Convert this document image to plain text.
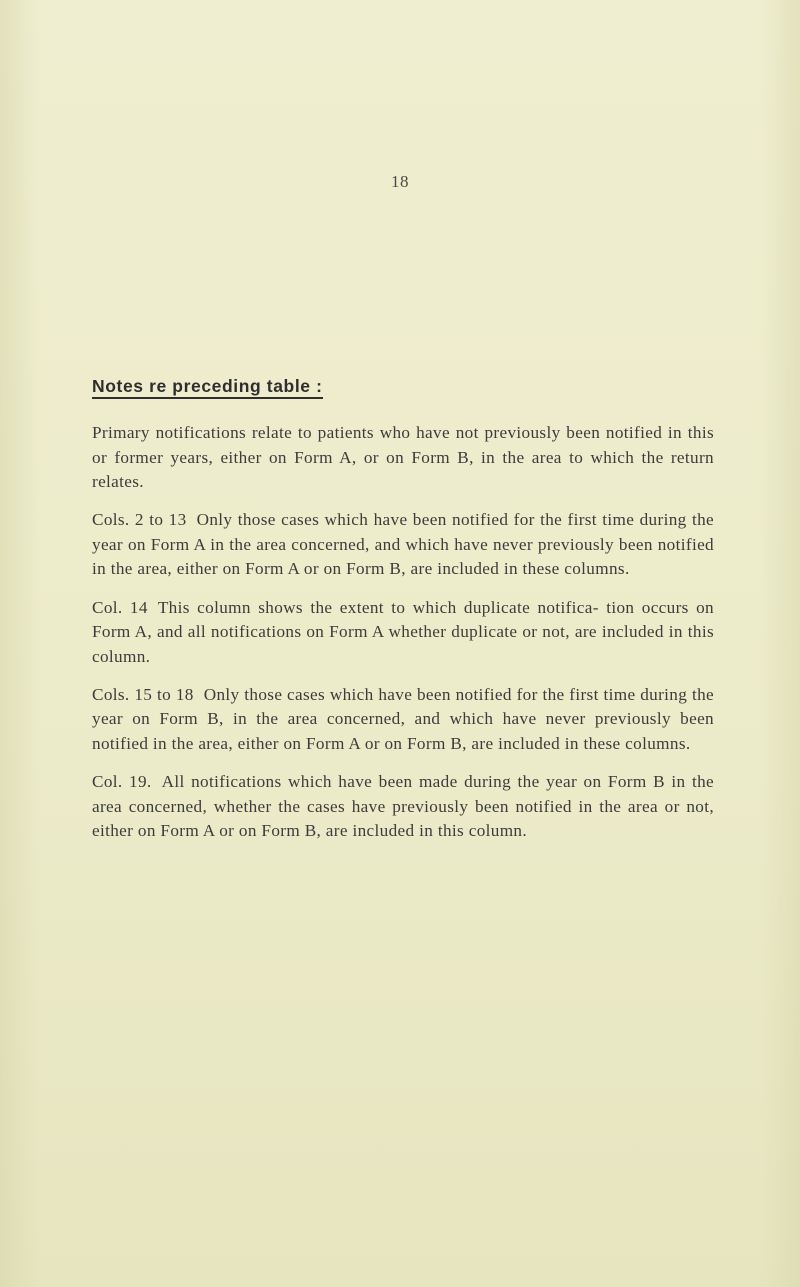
18
Notes re preceding table :

Primary notifications relate to patients who have not previously been notified in this or former years, either on Form A, or on Form B, in the area to which the return relates.

Cols. 2 to 13 Only those cases which have been notified for the first time during the year on Form A in the area concerned, and which have never previously been notified in the area, either on Form A or on Form B, are included in these columns.

Col. 14 This column shows the extent to which duplicate notifica- tion occurs on Form A, and all notifications on Form A whether duplicate or not, are included in this column.

Cols. 15 to 18 Only those cases which have been notified for the first time during the year on Form B, in the area concerned, and which have never previously been notified in the area, either on Form A or on Form B, are included in these columns.

Col. 19. All notifications which have been made during the year on Form B in the area concerned, whether the cases have previously been notified in the area or not, either on Form A or on Form B, are included in this column.
